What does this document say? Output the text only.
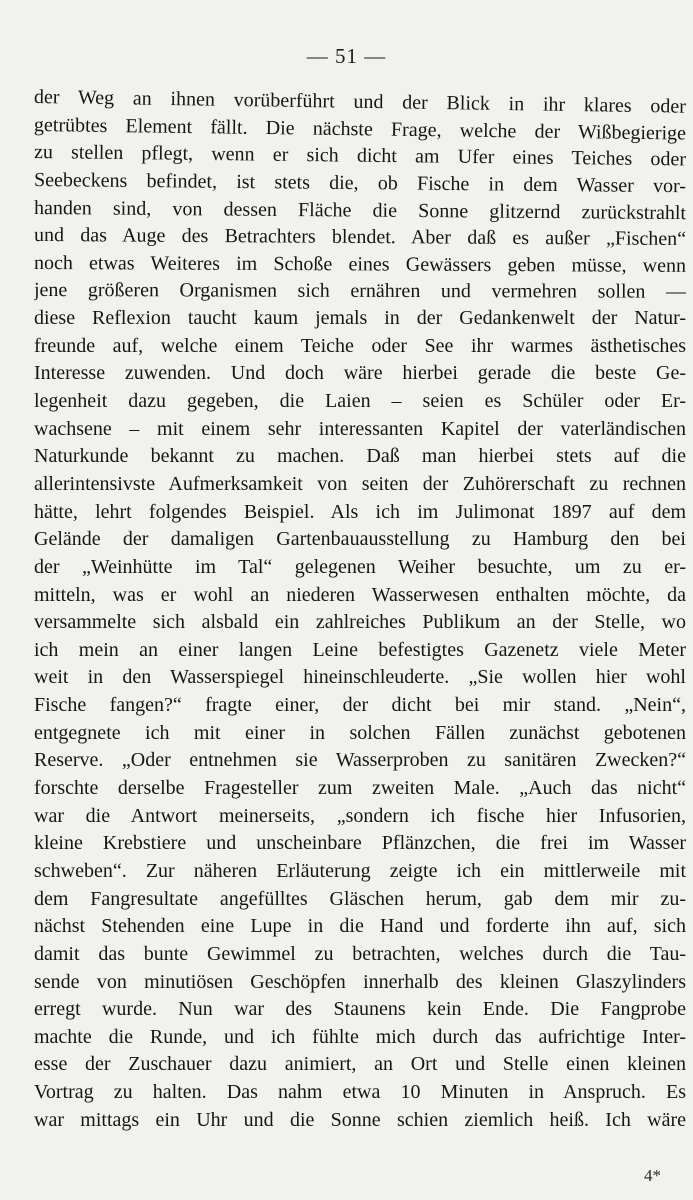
— 51 —
der Weg an ihnen vorüberführt und der Blick in ihr klares oder
getrübtes Element fällt. Die nächste Frage, welche der Wißbegierige
zu stellen pflegt, wenn er sich dicht am Ufer eines Teiches oder
Seebeckens befindet, ist stets die, ob Fische in dem Wasser vor-
handen sind, von dessen Fläche die Sonne glitzernd zurückstrahlt
und das Auge des Betrachters blendet. Aber daß es außer „Fischen“
noch etwas Weiteres im Schoße eines Gewässers geben müsse, wenn
jene größeren Organismen sich ernähren und vermehren sollen —
diese Reflexion taucht kaum jemals in der Gedankenwelt der Natur-
freunde auf, welche einem Teiche oder See ihr warmes ästhetisches
Interesse zuwenden. Und doch wäre hierbei gerade die beste Ge-
legenheit dazu gegeben, die Laien – seien es Schüler oder Er-
wachsene – mit einem sehr interessanten Kapitel der vaterländischen
Naturkunde bekannt zu machen. Daß man hierbei stets auf die
allerintensivste Aufmerksamkeit von seiten der Zuhörerschaft zu rechnen
hätte, lehrt folgendes Beispiel. Als ich im Julimonat 1897 auf dem
Gelände der damaligen Gartenbauausstellung zu Hamburg den bei
der „Weinhütte im Tal“ gelegenen Weiher besuchte, um zu er-
mitteln, was er wohl an niederen Wasserwesen enthalten möchte, da
versammelte sich alsbald ein zahlreiches Publikum an der Stelle, wo
ich mein an einer langen Leine befestigtes Gazenetz viele Meter
weit in den Wasserspiegel hineinschleuderte. „Sie wollen hier wohl
Fische fangen?“ fragte einer, der dicht bei mir stand. „Nein“,
entgegnete ich mit einer in solchen Fällen zunächst gebotenen
Reserve. „Oder entnehmen sie Wasserproben zu sanitären Zwecken?“
forschte derselbe Fragesteller zum zweiten Male. „Auch das nicht“
war die Antwort meinerseits, „sondern ich fische hier Infusorien,
kleine Krebstiere und unscheinbare Pflänzchen, die frei im Wasser
schweben“. Zur näheren Erläuterung zeigte ich ein mittlerweile mit
dem Fangresultate angefülltes Gläschen herum, gab dem mir zu-
nächst Stehenden eine Lupe in die Hand und forderte ihn auf, sich
damit das bunte Gewimmel zu betrachten, welches durch die Tau-
sende von minutiösen Geschöpfen innerhalb des kleinen Glaszylinders
erregt wurde. Nun war des Staunens kein Ende. Die Fangprobe
machte die Runde, und ich fühlte mich durch das aufrichtige Inter-
esse der Zuschauer dazu animiert, an Ort und Stelle einen kleinen
Vortrag zu halten. Das nahm etwa 10 Minuten in Anspruch. Es
war mittags ein Uhr und die Sonne schien ziemlich heiß. Ich wäre
4*
